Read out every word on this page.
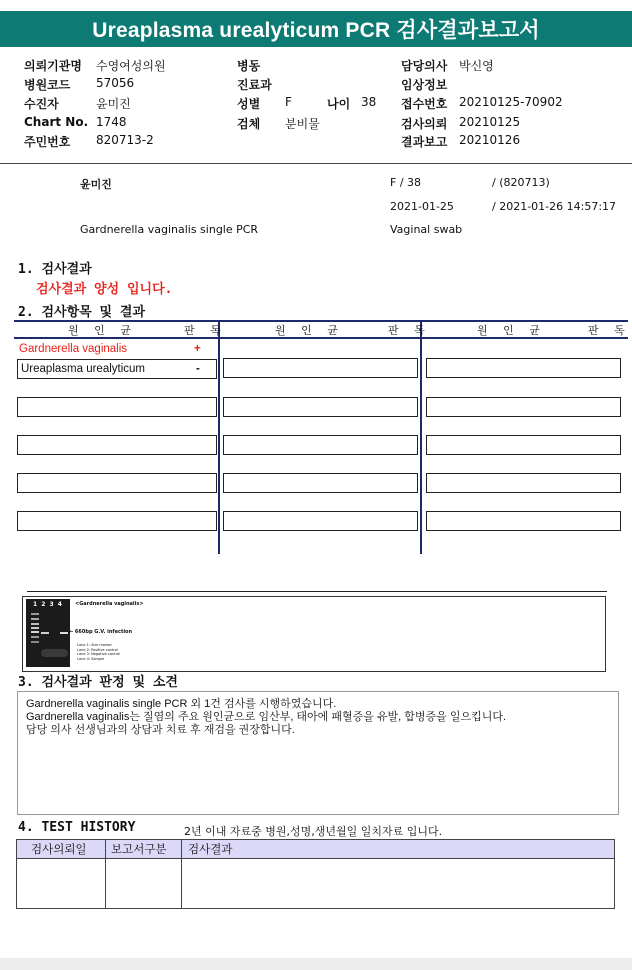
Ureaplasma urealyticum PCR 검사결과보고서
의뢰기관명 수영여성의원
병원코드 57056
수진자	윤미진
Chart No. 1748
주민번호 820713-2
병동
진료과
성별 F	나이 38
검체 분비물
담당의사 박신영
임상정보
접수번호 20210125-70902
검사의뢰 20210125
결과보고 20210126
윤미진	F / 38	/ (820713)
2021-01-25	/ 2021-01-26 14:57:17
Gardnerella vaginalis single PCR	Vaginal swab
1. 검사결과
검사결과 양성 입니다.
2. 검사항목 및 결과
원 인 균	판 독	원 인 균	판 독	원 인 균	판 독
Gardnerella vaginalis	+
Ureaplasma urealyticum	-
1 2 3 4	<Gardnerella vaginalis>
← 660bp G.V. infection
Lane 1: Size marker
Lane 2: Positive control
Lane 3: Negative control
Lane 4: Sample
3. 검사결과 판정 및 소견
Gardnerella vaginalis single PCR 외 1건 검사를 시행하였습니다.
Gardnerella vaginalis는 질염의 주요 원인균으로 임산부, 태아에 패혈증을 유발, 합병증을 일으킵니다.
담당 의사 선생님과의 상담과 치료 후 재검을 권장합니다.
4. TEST HISTORY	2년 이내 자료중 병원,성명,생년월일 일치자료 입니다.
검사의뢰일 보고서구분 검사결과
